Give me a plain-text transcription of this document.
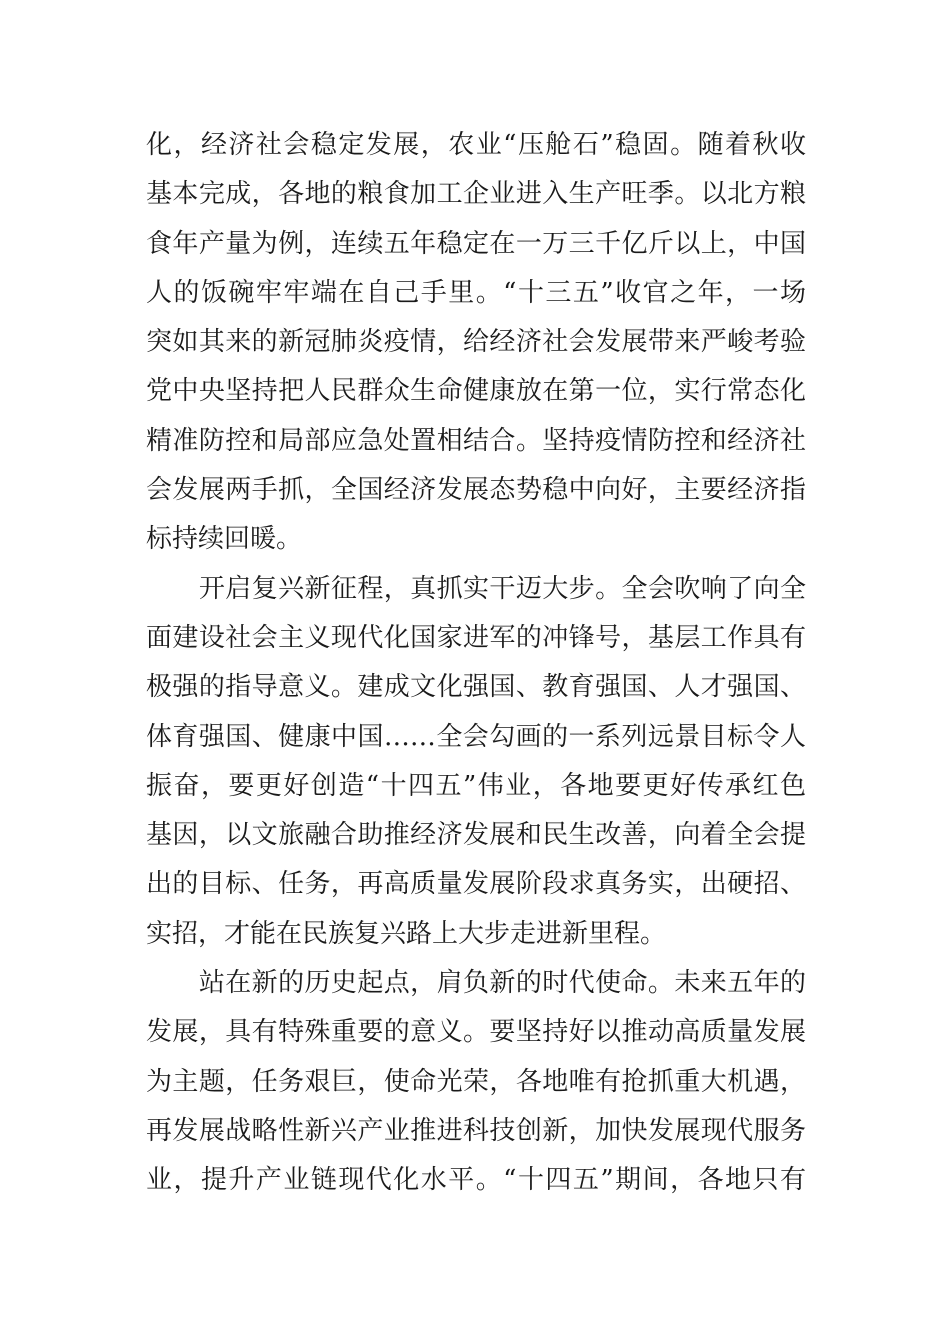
化，经济社会稳定发展，农业“压舱石”稳固。随着秋收
基本完成，各地的粮食加工企业进入生产旺季。以北方粮
食年产量为例，连续五年稳定在一万三千亿斤以上，中国
人的饭碗牢牢端在自己手里。“十三五”收官之年，一场
突如其来的新冠肺炎疫情，给经济社会发展带来严峻考验
党中央坚持把人民群众生命健康放在第一位，实行常态化
精准防控和局部应急处置相结合。坚持疫情防控和经济社
会发展两手抓，全国经济发展态势稳中向好，主要经济指
标持续回暖。
　　开启复兴新征程，真抓实干迈大步。全会吹响了向全
面建设社会主义现代化国家进军的冲锋号，基层工作具有
极强的指导意义。建成文化强国、教育强国、人才强国、
体育强国、健康中国……全会勾画的一系列远景目标令人
振奋，要更好创造“十四五”伟业，各地要更好传承红色
基因，以文旅融合助推经济发展和民生改善，向着全会提
出的目标、任务，再高质量发展阶段求真务实，出硬招、
实招，才能在民族复兴路上大步走进新里程。
　　站在新的历史起点，肩负新的时代使命。未来五年的
发展，具有特殊重要的意义。要坚持好以推动高质量发展
为主题，任务艰巨，使命光荣，各地唯有抢抓重大机遇，
再发展战略性新兴产业推进科技创新，加快发展现代服务
业，提升产业链现代化水平。“十四五”期间，各地只有
